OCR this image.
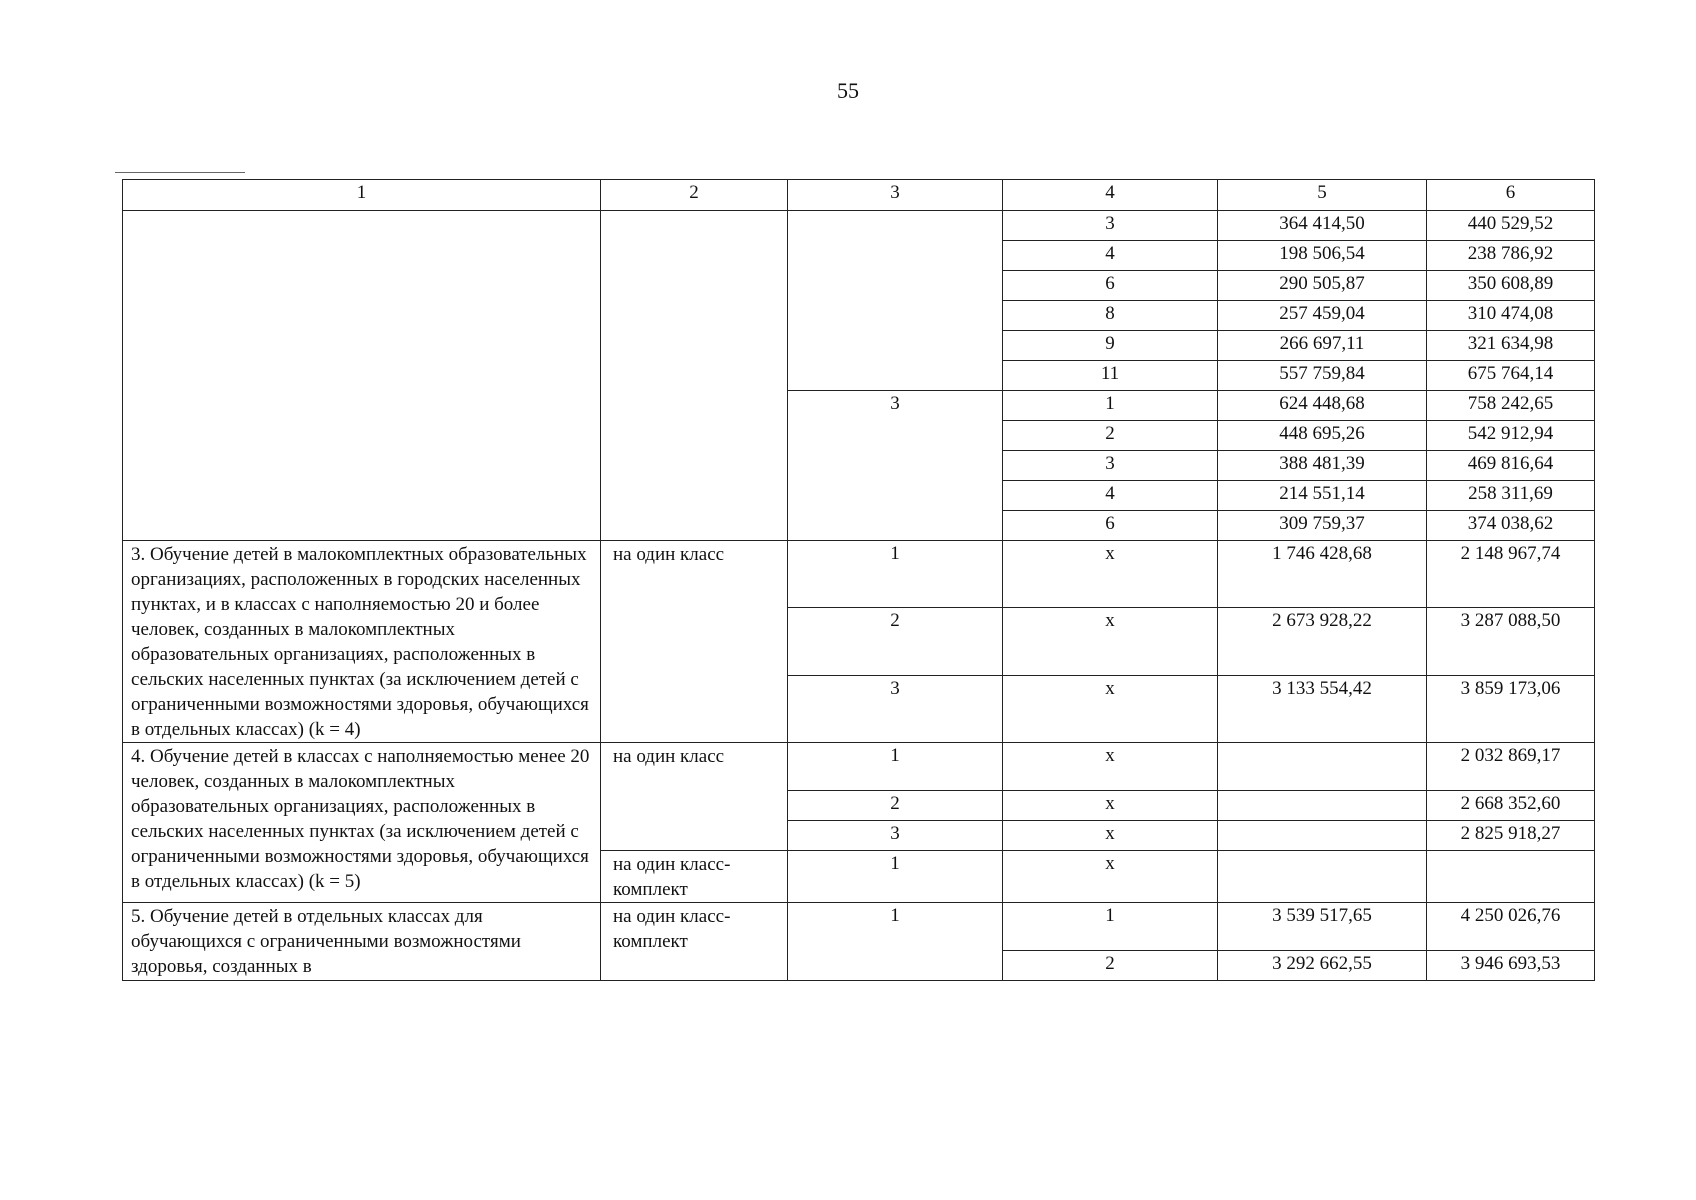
55
1	2	3	4	5	6
			3	364 414,50	440 529,52
			4	198 506,54	238 786,92
			6	290 505,87	350 608,89
			8	257 459,04	310 474,08
			9	266 697,11	321 634,98
			11	557 759,84	675 764,14
		3	1	624 448,68	758 242,65
			2	448 695,26	542 912,94
			3	388 481,39	469 816,64
			4	214 551,14	258 311,69
			6	309 759,37	374 038,62
3. Обучение детей в малокомплектных образовательных организациях, расположенных в городских населенных пунктах, и в классах с наполняемостью 20 и более человек, созданных в малокомплектных образовательных организациях, расположенных в сельских населенных пунктах (за исключением детей с ограниченными возможностями здоровья, обучающихся в отдельных классах) (k = 4)	на один класс	1	х	1 746 428,68	2 148 967,74
		2	х	2 673 928,22	3 287 088,50
		3	х	3 133 554,42	3 859 173,06
4. Обучение детей в классах с наполняемостью менее 20 человек, созданных в малокомплектных образовательных организациях, расположенных в сельских населенных пунктах (за исключением детей с ограниченными возможностями здоровья, обучающихся в отдельных классах) (k = 5)	на один класс	1	х		2 032 869,17
		2	х		2 668 352,60
		3	х		2 825 918,27
	на один класс-комплект	1	х		
5. Обучение детей в отдельных классах для обучающихся с ограниченными возможностями здоровья, созданных в	на один класс-комплект	1	1	3 539 517,65	4 250 026,76
			2	3 292 662,55	3 946 693,53
